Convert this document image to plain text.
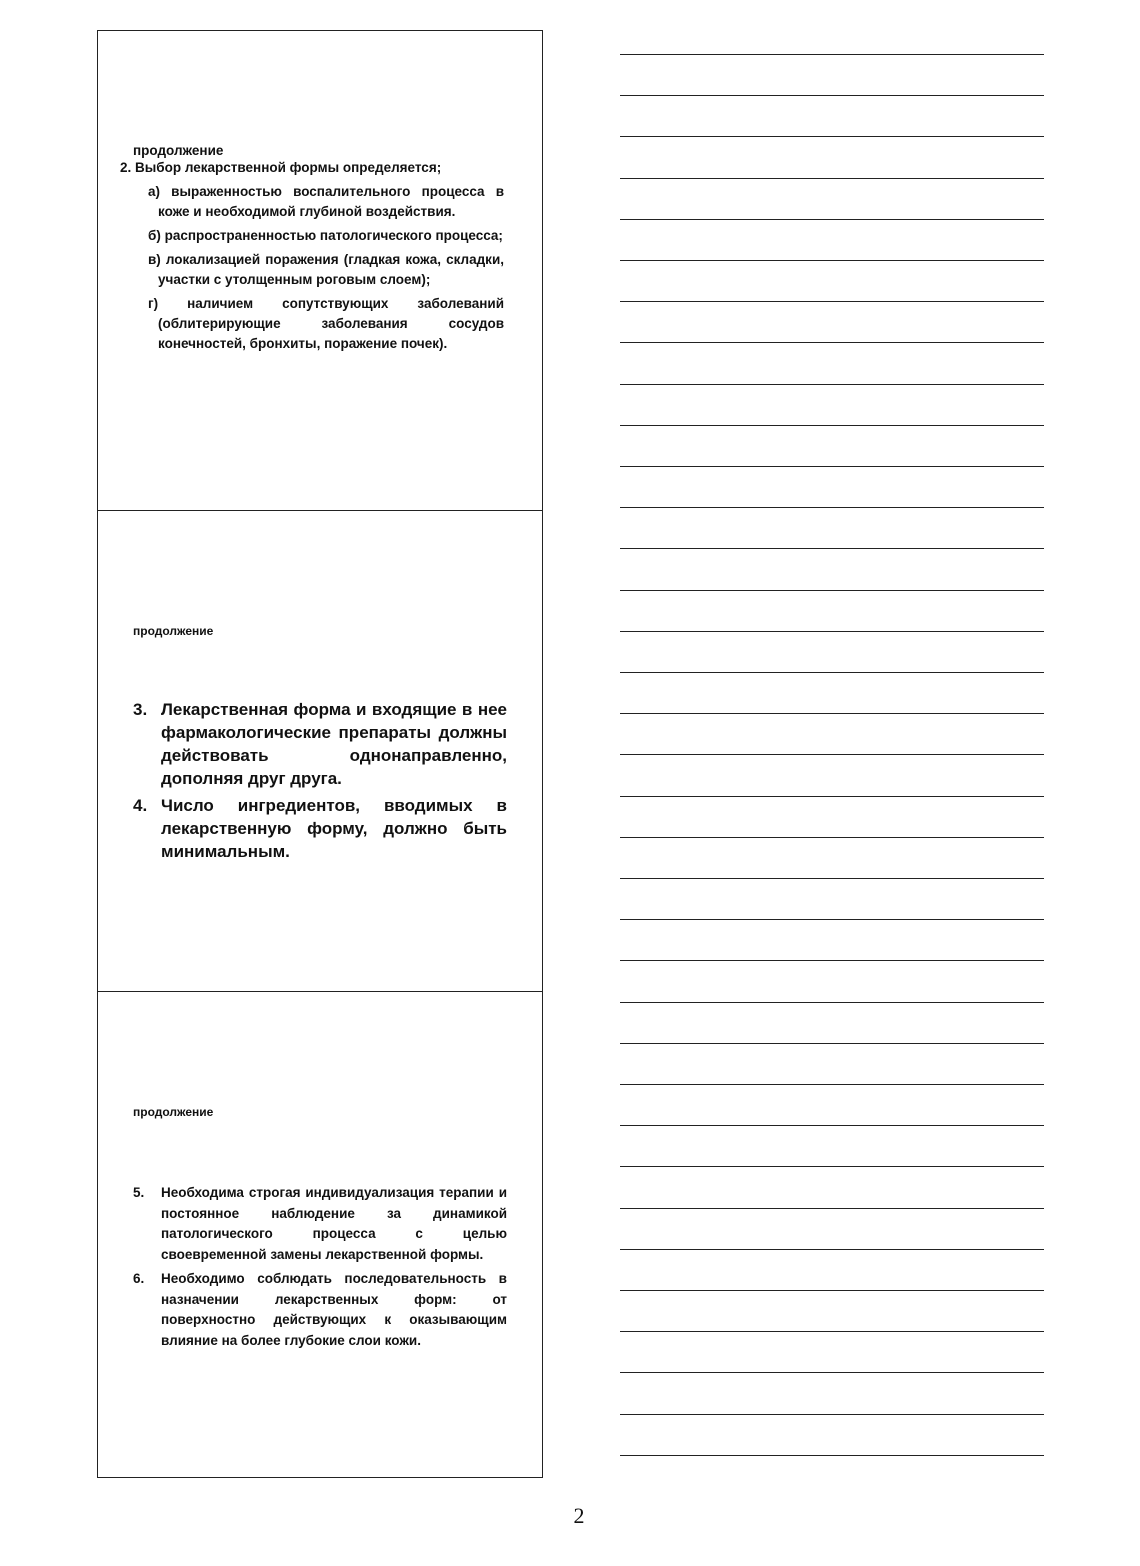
продолжение
2. Выбор лекарственной формы определяется;
а) выраженностью воспалительного процесса в коже и необходимой глубиной воздействия.
б) распространенностью патологического процесса;
в) локализацией поражения (гладкая кожа, складки, участки с утолщенным роговым слоем);
г) наличием сопутствующих заболеваний (облитерирующие заболевания сосудов конечностей, бронхиты, поражение почек).
продолжение
3. Лекарственная форма и входящие в нее фармакологические препараты должны действовать однонаправленно, дополняя друг друга.
4. Число ингредиентов, вводимых в лекарственную форму, должно быть минимальным.
продолжение
5. Необходима строгая индивидуализация терапии и постоянное наблюдение за динамикой патологического процесса с целью своевременной замены лекарственной формы.
6. Необходимо соблюдать последовательность в назначении лекарственных форм: от поверхностно действующих к оказывающим влияние на более глубокие слои кожи.
2
